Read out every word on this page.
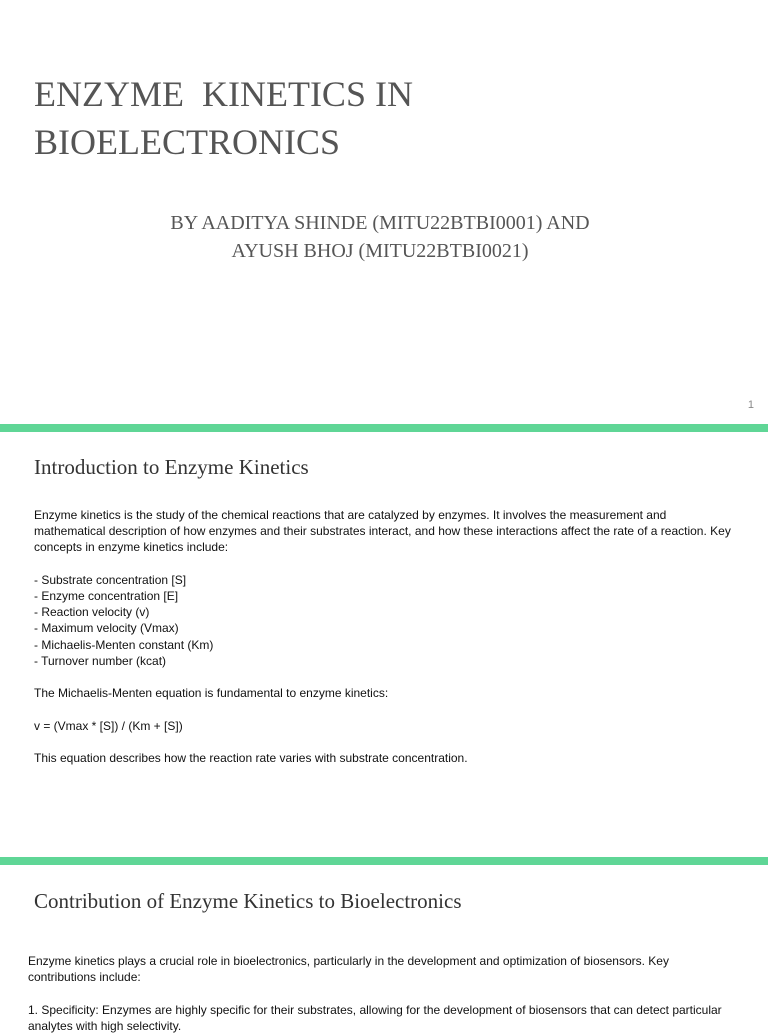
ENZYME  KINETICS IN
BIOELECTRONICS
BY AADITYA SHINDE (MITU22BTBI0001) AND
AYUSH BHOJ (MITU22BTBI0021)
1
Introduction to Enzyme Kinetics

Enzyme kinetics is the study of the chemical reactions that are catalyzed by enzymes. It involves the measurement and mathematical description of how enzymes and their substrates interact, and how these interactions affect the rate of a reaction. Key concepts in enzyme kinetics include:

- Substrate concentration [S]
- Enzyme concentration [E]
- Reaction velocity (v)
- Maximum velocity (Vmax)
- Michaelis-Menten constant (Km)
- Turnover number (kcat)

The Michaelis-Menten equation is fundamental to enzyme kinetics:

v = (Vmax * [S]) / (Km + [S])

This equation describes how the reaction rate varies with substrate concentration.

Contribution of Enzyme Kinetics to Bioelectronics

Enzyme kinetics plays a crucial role in bioelectronics, particularly in the development and optimization of biosensors. Key contributions include:

1. Specificity: Enzymes are highly specific for their substrates, allowing for the development of biosensors that can detect particular analytes with high selectivity.
